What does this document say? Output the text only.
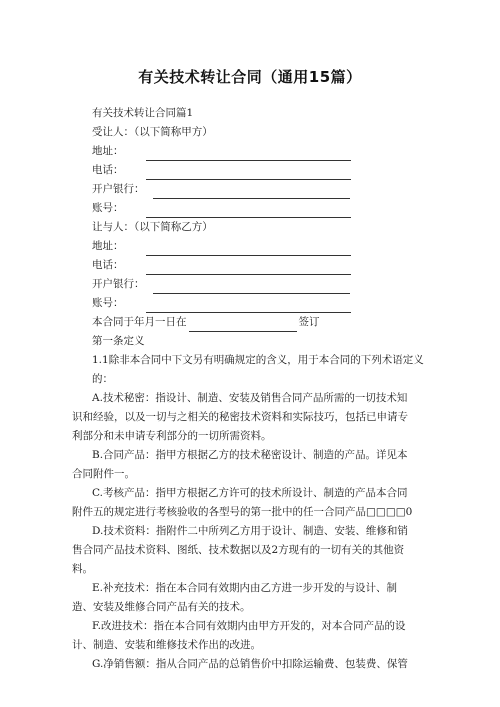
有关技术转让合同（通用15篇）
有关技术转让合同篇1
受让人：（以下简称甲方）
地址：
电话：
开户银行：
账号：
让与人：（以下简称乙方）
地址：
电话：
开户银行：
账号：
本合同于年月一日在	签订
第一条定义

1.1除非本合同中下文另有明确规定的含义，用于本合同的下列术语定义的：

A.技术秘密：指设计、制造、安装及销售合同产品所需的一切技术知识和经验，以及一切与之相关的秘密技术资料和实际技巧，包括已申请专利部分和未申请专利部分的一切所需资料。

B.合同产品：指甲方根据乙方的技术秘密设计、制造的产品。详见本合同附件一。

C.考核产品：指甲方根据乙方许可的技术所设计、制造的产品本合同附件五的规定进行考核验收的各型号的第一批中的任一合同产品□□□□0

D.技术资料：指附件二中所列乙方用于设计、制造、安装、维修和销售合同产品技术资料、图纸、技术数据以及2方现有的一切有关的其他资料。

E.补充技术：指在本合同有效期内由乙方进一步开发的与设计、制造、安装及维修合同产品有关的技术。

F.改进技术：指在本合同有效期内由甲方开发的，对本合同产品的设计、制造、安装和维修技术作出的改进。

G.净销售额：指从合同产品的总销售价中扣除运输费、包装费、保管
